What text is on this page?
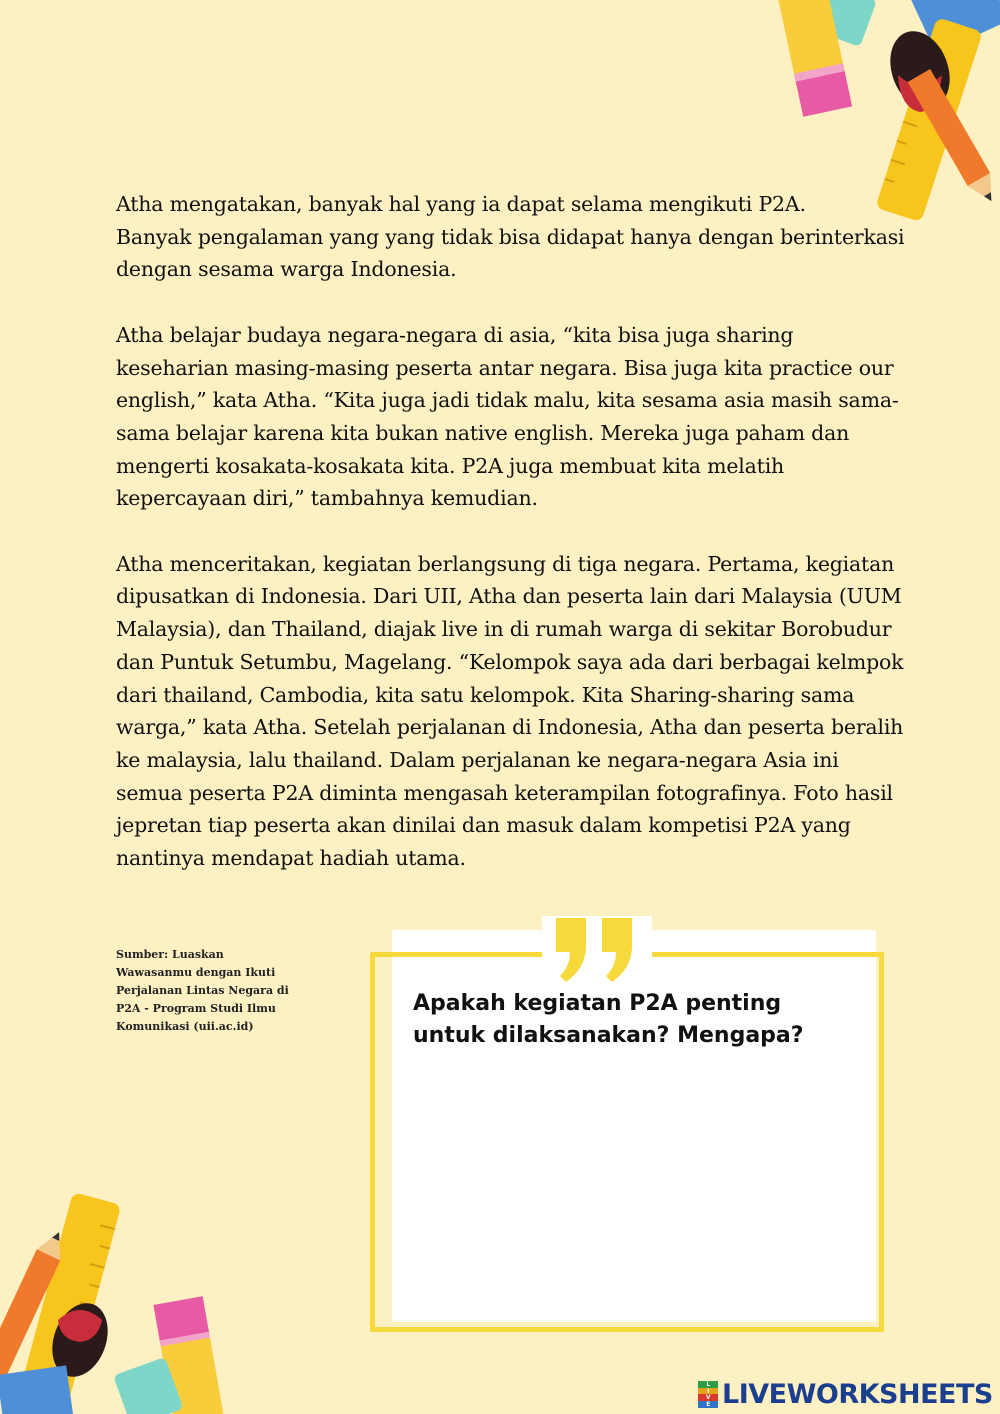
Atha mengatakan, banyak hal yang ia dapat selama mengikuti P2A.
Banyak pengalaman yang yang tidak bisa didapat hanya dengan berinterkasi dengan sesama warga Indonesia.

Atha belajar budaya negara-negara di asia, “kita bisa juga sharing keseharian masing-masing peserta antar negara. Bisa juga kita practice our english,” kata Atha. “Kita juga jadi tidak malu, kita sesama asia masih sama-sama belajar karena kita bukan native english. Mereka juga paham dan mengerti kosakata-kosakata kita. P2A juga membuat kita melatih kepercayaan diri,” tambahnya kemudian.

Atha menceritakan, kegiatan berlangsung di tiga negara. Pertama, kegiatan dipusatkan di Indonesia. Dari UII, Atha dan peserta lain dari Malaysia (UUM Malaysia), dan Thailand, diajak live in di rumah warga di sekitar Borobudur dan Puntuk Setumbu, Magelang. “Kelompok saya ada dari berbagai kelmpok dari thailand, Cambodia, kita satu kelompok. Kita Sharing-sharing sama warga,” kata Atha. Setelah perjalanan di Indonesia, Atha dan peserta beralih ke malaysia, lalu thailand. Dalam perjalanan ke negara-negara Asia ini semua peserta P2A diminta mengasah keterampilan fotografinya. Foto hasil jepretan tiap peserta akan dinilai dan masuk dalam kompetisi P2A yang nantinya mendapat hadiah utama.

Sumber: Luaskan Wawasanmu dengan Ikuti Perjalanan Lintas Negara di P2A - Program Studi Ilmu Komunikasi (uii.ac.id)
Apakah kegiatan P2A penting untuk dilaksanakan? Mengapa?
L
I
V
E LIVEWORKSHEETS
